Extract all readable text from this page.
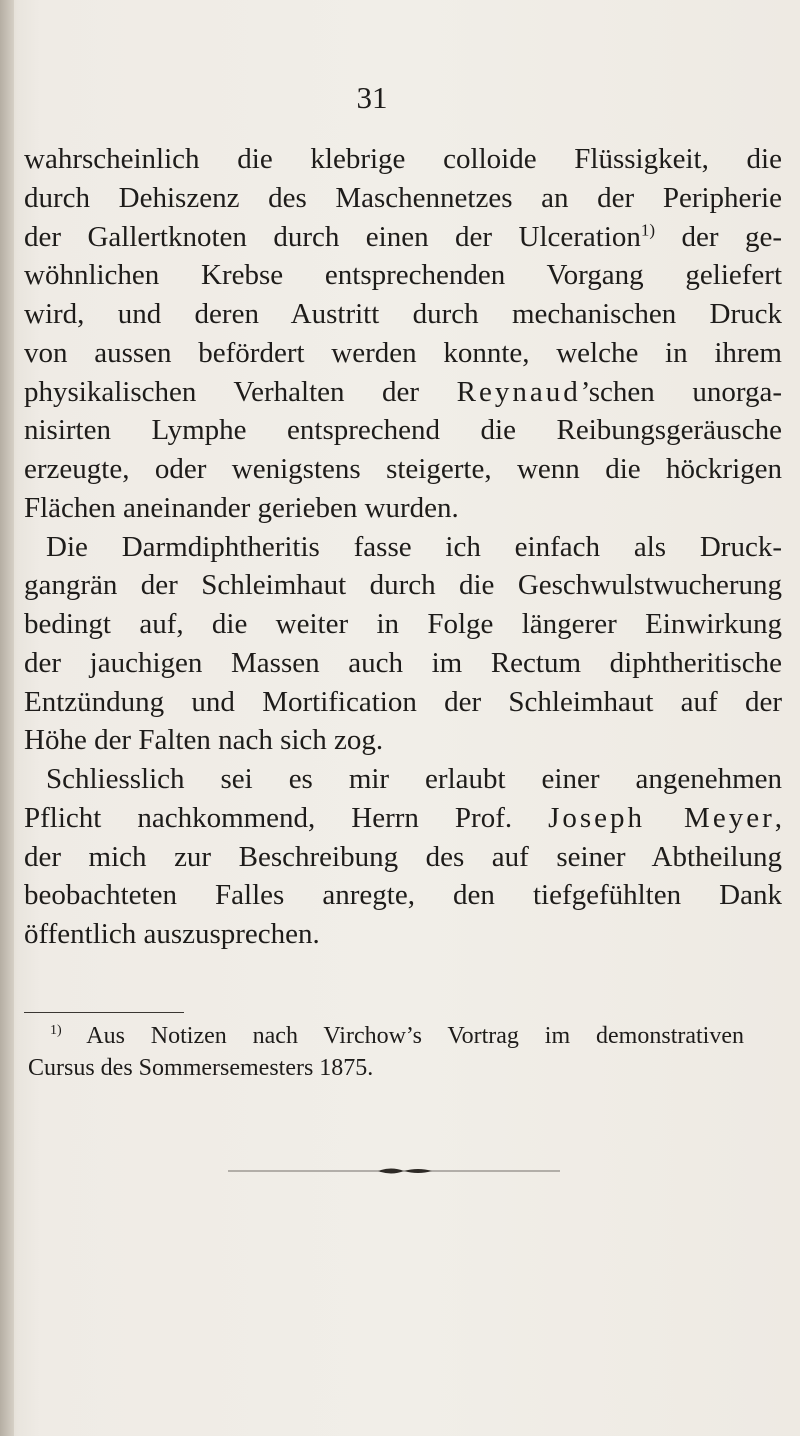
31
wahrscheinlich die klebrige colloide Flüssigkeit, die
durch Dehiszenz des Maschennetzes an der Peripherie
der Gallertknoten durch einen der Ulceration$^{1)}$ der ge-
wöhnlichen Krebse entsprechenden Vorgang geliefert
wird, und deren Austritt durch mechanischen Druck
von aussen befördert werden konnte, welche in ihrem
physikalischen Verhalten der Reynaud’schen unorga-
nisirten Lymphe entsprechend die Reibungsgeräusche
erzeugte, oder wenigstens steigerte, wenn die höckrigen
Flächen aneinander gerieben wurden.
Die Darmdiphtheritis fasse ich einfach als Druck-
gangrän der Schleimhaut durch die Geschwulstwucherung
bedingt auf, die weiter in Folge längerer Einwirkung
der jauchigen Massen auch im Rectum diphtheritische
Entzündung und Mortification der Schleimhaut auf der
Höhe der Falten nach sich zog.
Schliesslich sei es mir erlaubt einer angenehmen
Pflicht nachkommend, Herrn Prof. Joseph Meyer,
der mich zur Beschreibung des auf seiner Abtheilung
beobachteten Falles anregte, den tiefgefühlten Dank
öffentlich auszusprechen.
$^{1)}$ Aus Notizen nach Virchow’s Vortrag im demonstrativen
Cursus des Sommersemesters 1875.
